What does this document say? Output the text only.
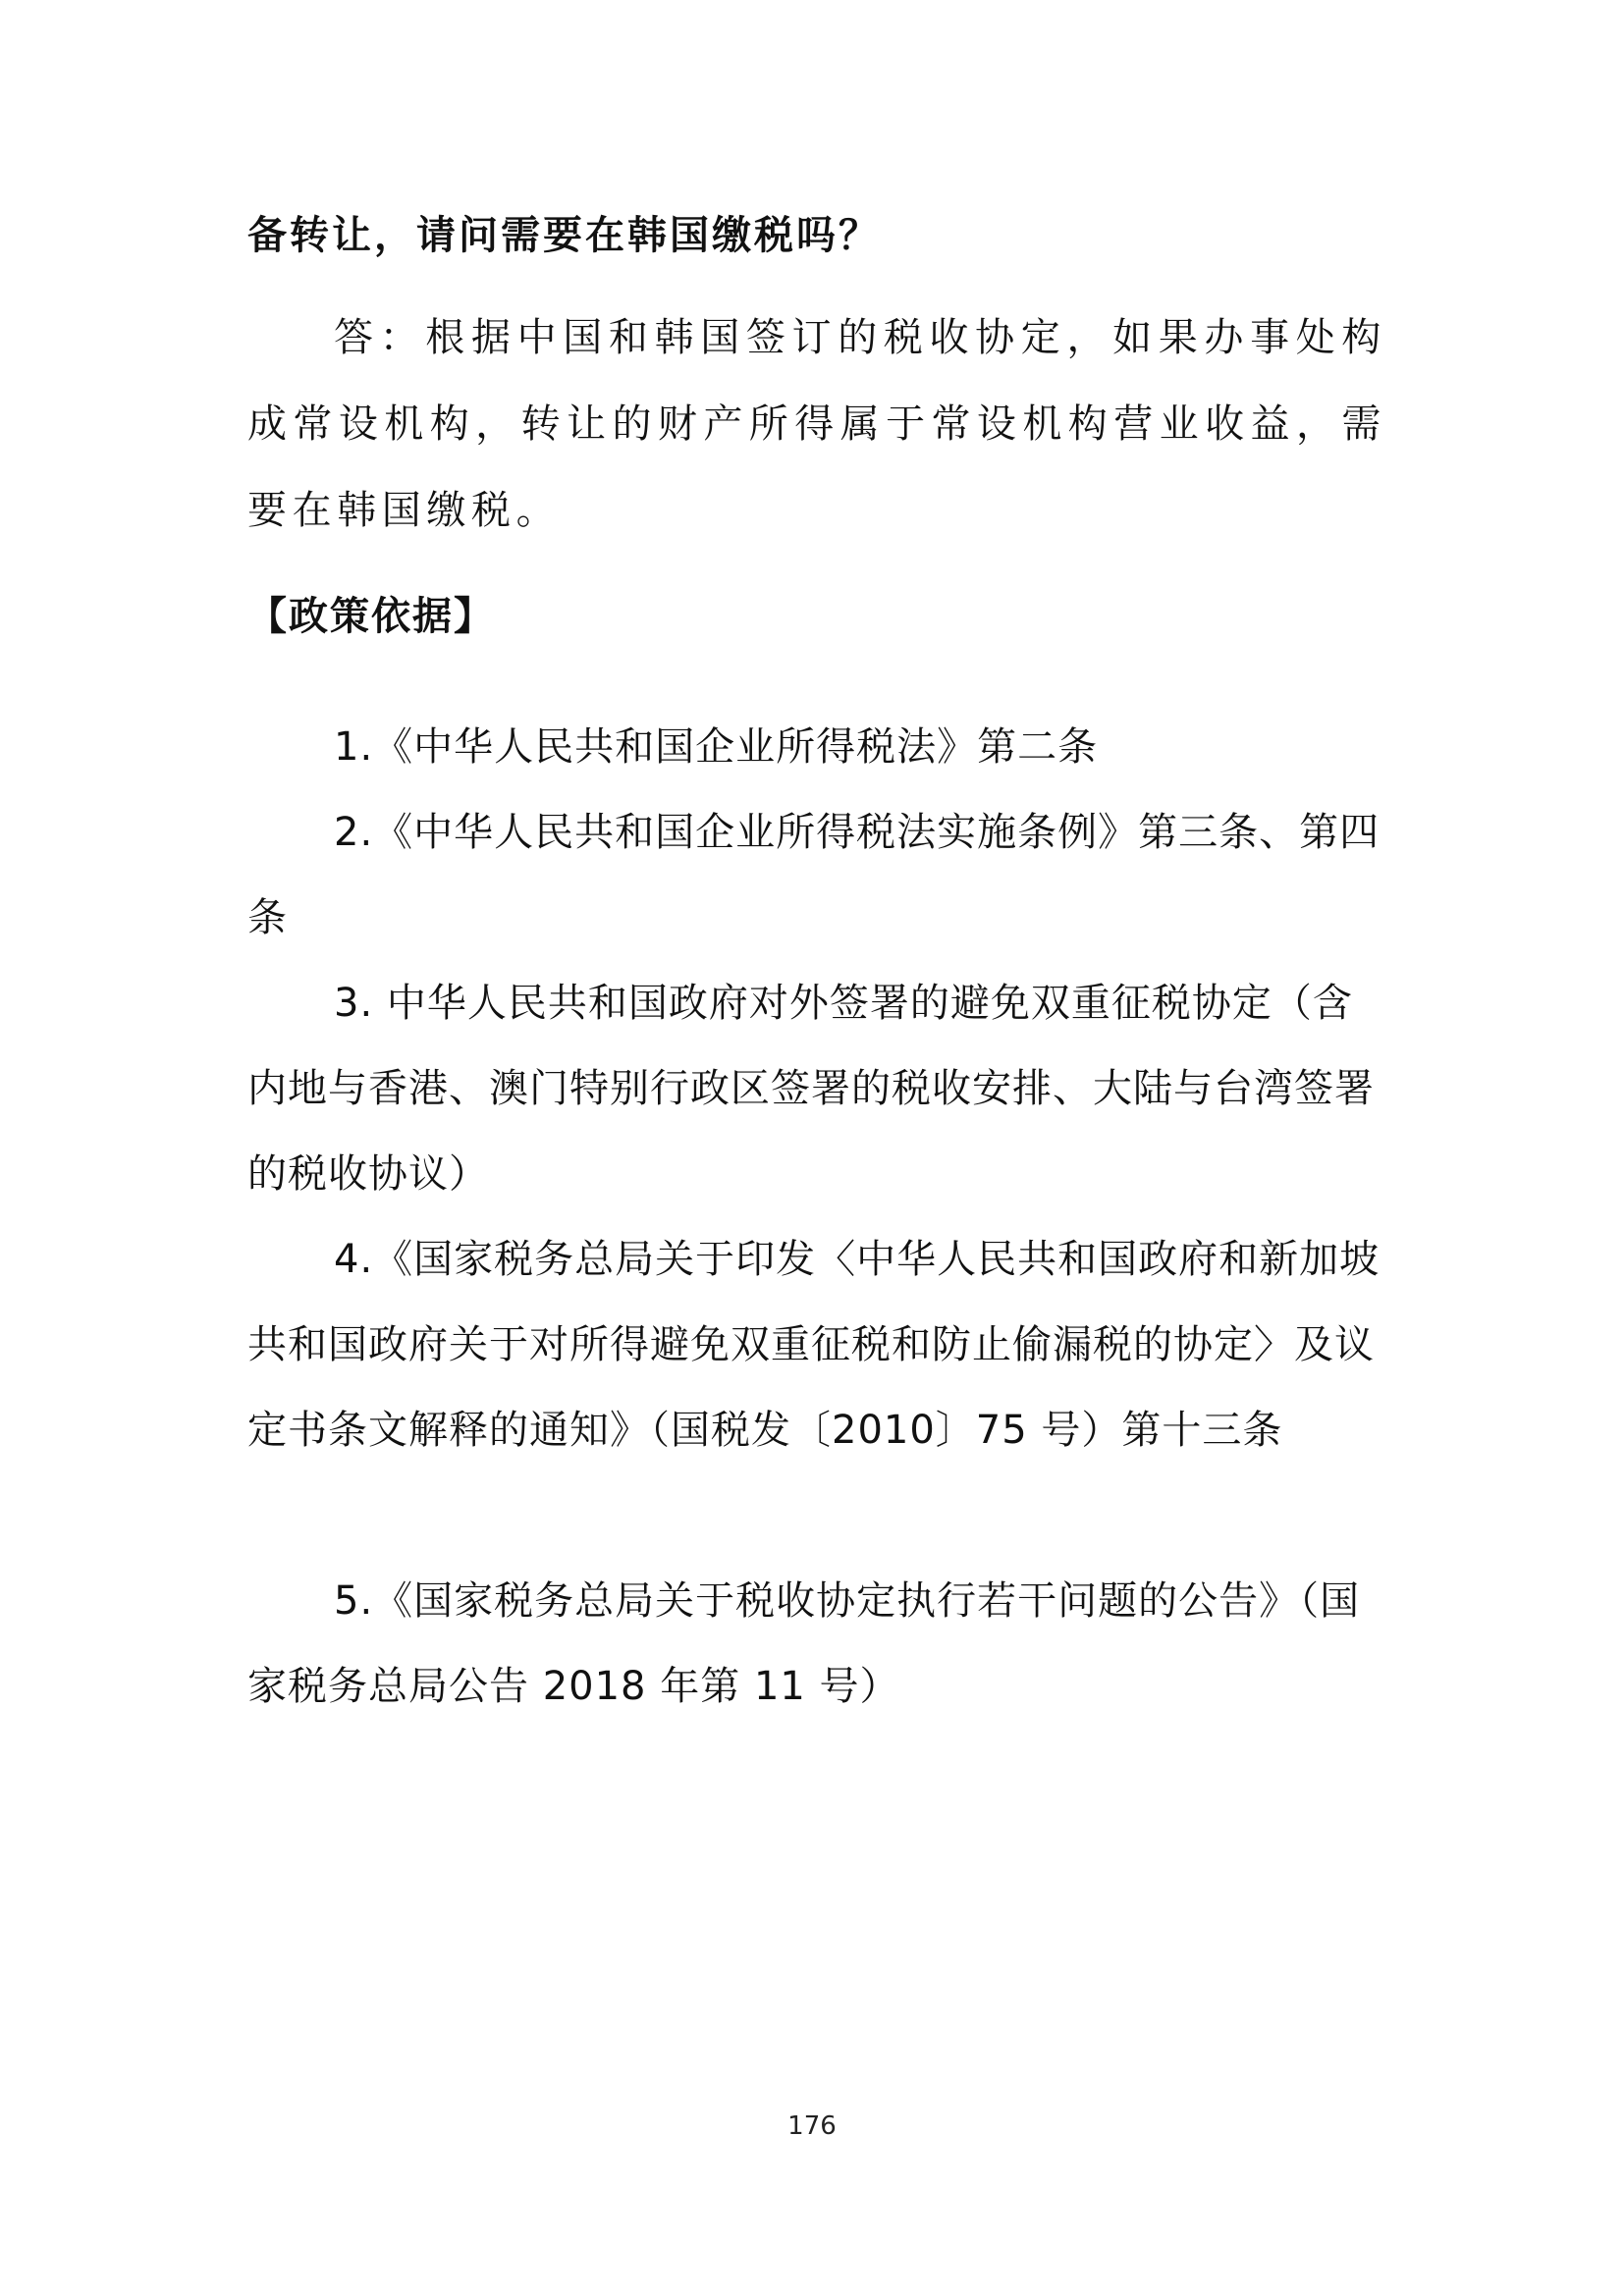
备转让，请问需要在韩国缴税吗？

答：根据中国和韩国签订的税收协定，如果办事处构成常设机构，转让的财产所得属于常设机构营业收益，需要在韩国缴税。

【政策依据】

1.《中华人民共和国企业所得税法》第二条

2.《中华人民共和国企业所得税法实施条例》第三条、第四条

3. 中华人民共和国政府对外签署的避免双重征税协定（含内地与香港、澳门特别行政区签署的税收安排、大陆与台湾签署的税收协议）

4.《国家税务总局关于印发〈中华人民共和国政府和新加坡共和国政府关于对所得避免双重征税和防止偷漏税的协定〉及议定书条文解释的通知》（国税发〔2010〕75 号）第十三条

5.《国家税务总局关于税收协定执行若干问题的公告》（国家税务总局公告 2018 年第 11 号）

176
